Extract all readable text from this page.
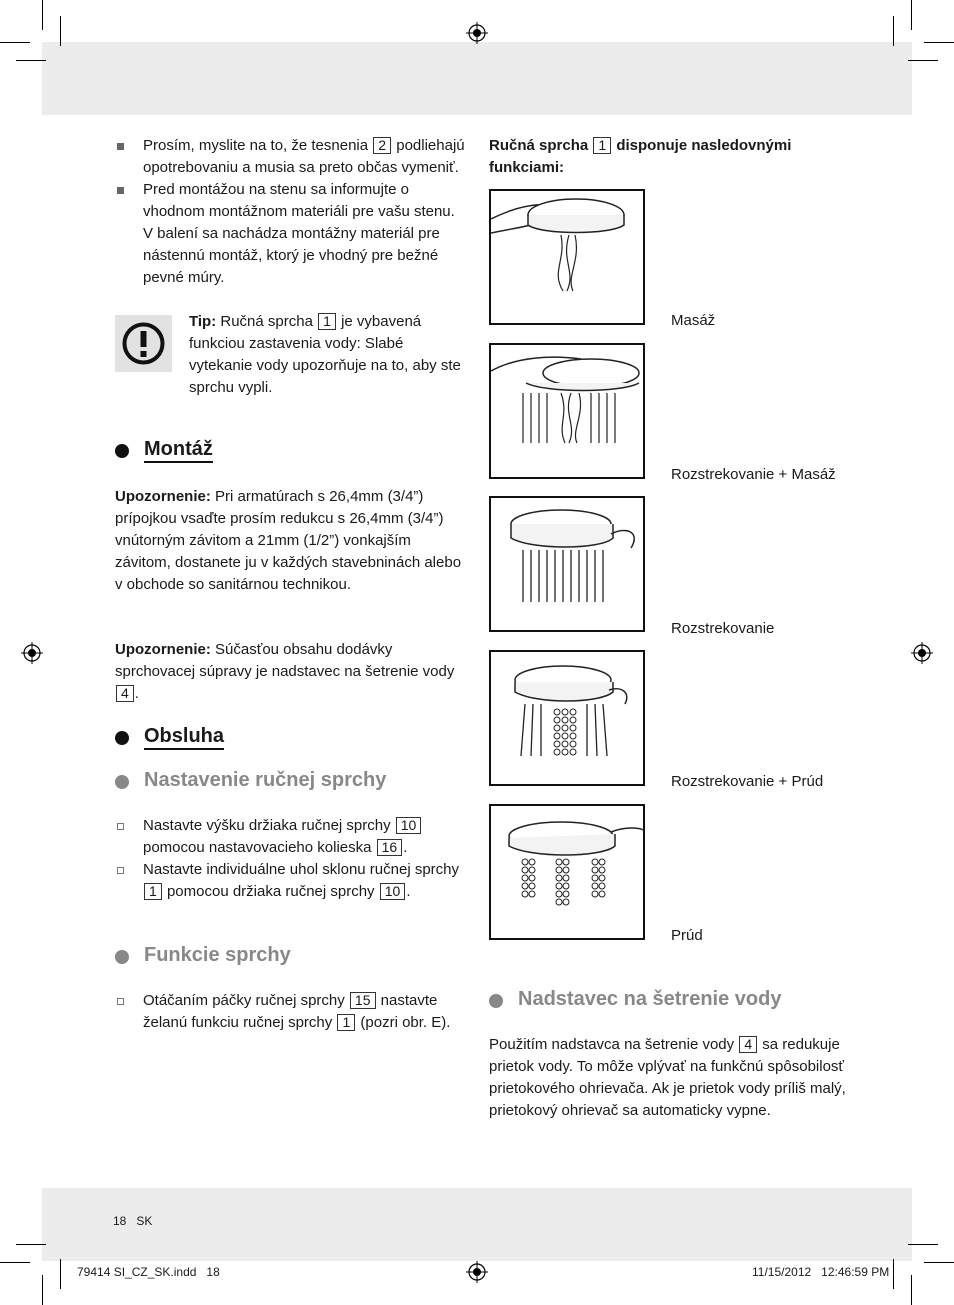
Prosím, myslite na to, že tesnenia 2 podliehajú opotrebovaniu a musia sa preto občas vymeniť.
Pred montážou na stenu sa informujte o vhodnom montážnom materiáli pre vašu stenu. V balení sa nachádza montážny materiál pre nástennú montáž, ktorý je vhodný pre bežné pevné múry.

Tip: Ručná sprcha 1 je vybavená funkciou zastavenia vody: Slabé vytekanie vody upozorňuje na to, aby ste sprchu vypli.

Montáž

Upozornenie: Pri armatúrach s 26,4mm (3/4”) prípojkou vsaďte prosím redukcu s 26,4mm (3/4”) vnútorným závitom a 21mm (1/2”) vonkajším závitom, dostanete ju v každých stavebninách alebo v obchode so sanitárnou technikou.

Upozornenie: Súčasťou obsahu dodávky sprchovacej súpravy je nadstavec na šetrenie vody 4 .

Obsluha
Nastavenie ručnej sprchy
Nastavte výšku držiaka ručnej sprchy 10 pomocou nastavovacieho kolieska 16 .
Nastavte individuálne uhol sklonu ručnej sprchy 1 pomocou držiaka ručnej sprchy 10 .
Funkcie sprchy
Otáčaním páčky ručnej sprchy 15 nastavte želanú funkciu ručnej sprchy 1 (pozri obr. E).

Ručná sprcha 1 disponuje nasledovnými funkciami:

Masáž
Rozstrekovanie + Masáž
Rozstrekovanie
Rozstrekovanie + Prúd
Prúd
Nadstavec na šetrenie vody

Použitím nadstavca na šetrenie vody 4 sa redukuje prietok vody. To môže vplývať na funkčnú spôsobilosť prietokového ohrievača. Ak je prietok vody príliš malý, prietokový ohrievač sa automaticky vypne.

18 SK
79414 SI_CZ_SK.indd   18	11/15/2012   12:46:59 PM
